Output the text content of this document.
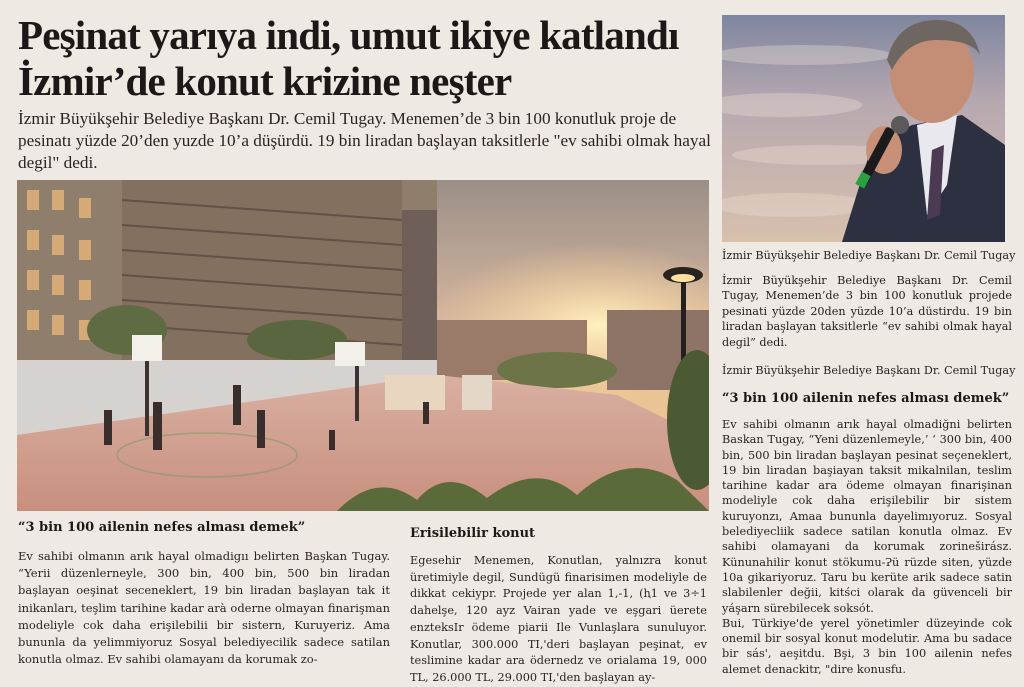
Peşinat yarıya indi, umut ikiye katlandı
İzmir’de konut krizine neşter

İzmir Büyükşehir Belediye Başkanı Dr. Cemil Tugay. Menemen’de 3 bin 100 konutluk proje de pesinatı yüzde 20’den yuzde 10’a düşürdü. 19 bin liradan başlayan taksitlerle "ev sahibi olmak hayal degil" dedi.

İzmir Büyükşehir Belediye Başkanı Dr. Cemil Tugay

İzmir Büyükşehir Belediye Başkanı Dr. Cemil Tugay, Menemen’de 3 bin 100 konutluk projede pesinati yüzde 20den yüzde 10’a düstirdu. 19 bin liradan başlayan taksitlerle “ev sahibi olmak hayal degil” dedi.

İzmir Büyükşehir Belediye Başkanı Dr. Cemil Tugay
“3 bin 100 ailenin nefes alması demek”

Ev sahibi olmanın arık hayal olmadiğni belirten Baskan Tugay, “Yeni düzenlemeyle,’ ‘ 300 bin, 400 bin, 500 bin liradan başlayan pesinat seçeneklert, 19 bin liradan başiayan taksit mikalnilan, teslim tarihine kadar ara ödeme olmayan finarişinan modeliyle cok daha erişilebilir bir sistem kuruyonzı, Amaa bununla dayelimıyoruz. Sosyal belediyecliik sadece satilan konutla olmaz. Ev sahibi olamayani da korumak zorineširász. Künunahilir konut stökumu-Ɂü rüzde siten, yüzde 10a gikariyoruz. Taru bu kerüte arik sadece satin slabilenler değii, kitści olarak da güvenceli bir yáşarn sürebilecek soksót.

Bui, Türkiye'de yerel yönetimler düzeyinde cok onemil bir sosyal konut modelutir. Ama bu sadace bir sás', aeşitdu. Bşi, 3 bin 100 ailenin nefes alemet denackitr, "dire konusfu.

“3 bin 100 ailenin nefes alması demek”

Ev sahibi olmanın arık hayal olmadigıı belirten Başkan Tugay. “Yerii düzenlerneyle, 300 bin, 400 bin, 500 bin liradan başlayan oeşinat seceneklert, 19 bin liradan başlayan tak it inikanları, teşlim tarihine kadar arà oderne olmayan finarişman modeliyle cok daha erişilebilii bir sistern, Kuruyeriz. Ama bununla da yelimmiyoruz Sosyal belediyecilik sadece satilan konutla olmaz. Ev sahibi olamayanı da korumak zo-

Erisilebilir konut

Egesehir Menemen, Konutlan, yalnızra konut üretimiyle degil, Sundügü finarisimen modeliyle de dikkat cekiypr. Projede yer alan 1,-1, (ⱨ1 ve 3÷1 dahelşe, 120 ayz Vairan yade ve eşgari üerete enzteksIr ödeme piarii Ile Vunlaşlara sunuluyor. Konutlar, 300.000 TI,'deri başlayan peşinat, ev teslimine kadar ara ödernedz ve orialama 19, 000 TL, 26.000 TL, 29.000 TI,'den başlayan ay-
